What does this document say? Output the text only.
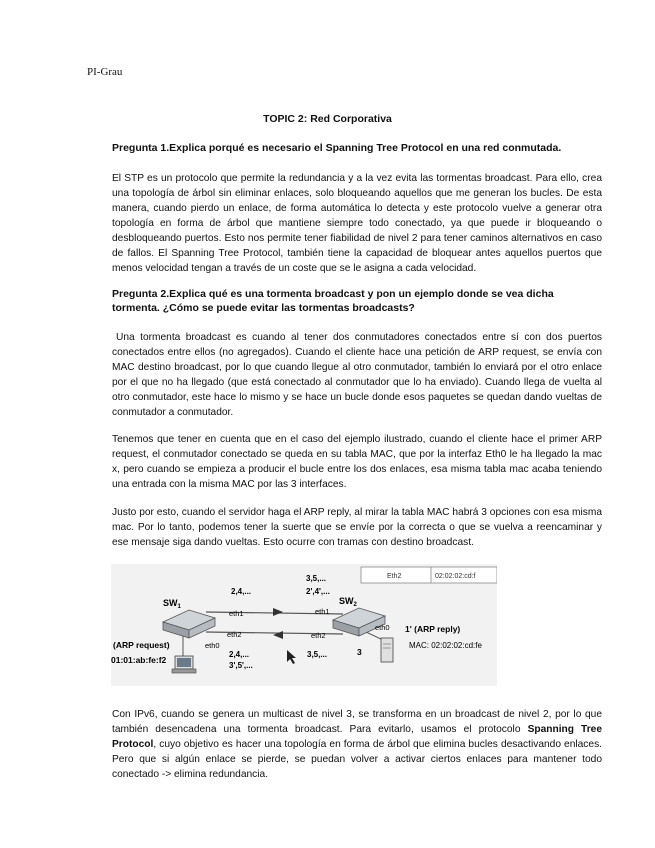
PI-Grau
TOPIC 2: Red Corporativa
Pregunta 1.Explica porqué es necesario el Spanning Tree Protocol en una red conmutada.
El STP es un protocolo que permite la redundancia y a la vez evita las tormentas broadcast. Para ello, crea una topología de árbol sin eliminar enlaces, solo bloqueando aquellos que me generan los bucles. De esta manera, cuando pierdo un enlace, de forma automática lo detecta y este protocolo vuelve a generar otra topología en forma de árbol que mantiene siempre todo conectado, ya que puede ir bloqueando o desbloqueando puertos. Esto nos permite tener fiabilidad de nivel 2 para tener caminos alternativos en caso de fallos. El Spanning Tree Protocol, también tiene la capacidad de bloquear antes aquellos puertos que menos velocidad tengan a través de un coste que se le asigna a cada velocidad.
Pregunta 2.Explica qué es una tormenta broadcast y pon un ejemplo donde se vea dicha tormenta. ¿Cómo se puede evitar las tormentas broadcasts?
Una tormenta broadcast es cuando al tener dos conmutadores conectados entre sí con dos puertos conectados entre ellos (no agregados). Cuando el cliente hace una petición de ARP request, se envía con MAC destino broadcast, por lo que cuando llegue al otro conmutador, también lo enviará por el otro enlace por el que no ha llegado (que está conectado al conmutador que lo ha enviado). Cuando llega de vuelta al otro conmutador, este hace lo mismo y se hace un bucle donde esos paquetes se quedan dando vueltas de conmutador a conmutador.
Tenemos que tener en cuenta que en el caso del ejemplo ilustrado, cuando el cliente hace el primer ARP request, el conmutador conectado se queda en su tabla MAC, que por la interfaz Eth0 le ha llegado la mac x, pero cuando se empieza a producir el bucle entre los dos enlaces, esa misma tabla mac acaba teniendo una entrada con la misma MAC por las 3 interfaces.
Justo por esto, cuando el servidor haga el ARP reply, al mirar la tabla MAC habrá 3 opciones con esa misma mac. Por lo tanto, podemos tener la suerte que se envíe por la correcta o que se vuelva a reencaminar y ese mensaje siga dando vueltas. Esto ocurre con tramas con destino broadcast.
Eth2	02:02:02:cd:f
$SW_1$
$SW_2$
2,4,...
3,5,...
2',4',...
2,4,...
3',5',...
3,5,...
eth1
eth2
eth0
eth1
eth2
eth0
(ARP request)
01:01:ab:fe:f2
3
1' (ARP reply)
MAC: 02:02:02:cd:fe
Con IPv6, cuando se genera un multicast de nivel 3, se transforma en un broadcast de nivel 2, por lo que también desencadena una tormenta broadcast. Para evitarlo, usamos el protocolo Spanning Tree Protocol, cuyo objetivo es hacer una topología en forma de árbol que elimina bucles desactivando enlaces. Pero que si algún enlace se pierde, se puedan volver a activar ciertos enlaces para mantener todo conectado -> elimina redundancia.
